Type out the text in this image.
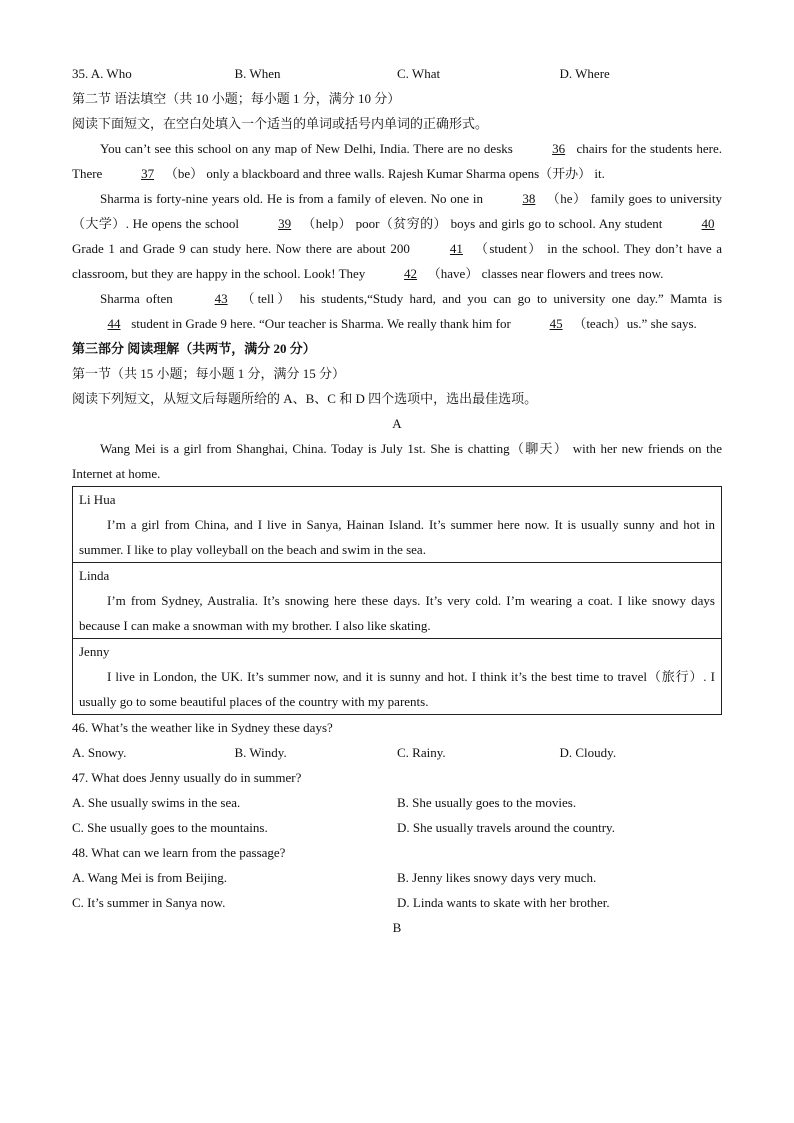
35. A. Who	B. When	C. What	D. Where
第二节 语法填空（共 10 小题；每小题 1 分，满分 10 分）
阅读下面短文，在空白处填入一个适当的单词或括号内单词的正确形式。
You can’t see this school on any map of New Delhi, India. There are no desks	36 chairs for the students here. There	37 （be） only a blackboard and three walls. Rajesh Kumar Sharma opens（开办） it.
Sharma is forty-nine years old. He is from a family of eleven. No one in	38 （he） family goes to university（大学）. He opens the school	39 （help） poor（贫穷的） boys and girls go to school. Any student	40 Grade 1 and Grade 9 can study here. Now there are about 200	41 （student） in the school. They don’t have a classroom, but they are happy in the school. Look! They	42 （have） classes near flowers and trees now.
Sharma often	43 （tell） his students,“Study hard, and you can go to university one day.” Mamta is 44 student in Grade 9 here. “Our teacher is Sharma. We really thank him for	45 （teach）us.” she says.
第三部分 阅读理解（共两节，满分 20 分）
第一节（共 15 小题；每小题 1 分，满分 15 分）
阅读下列短文，从短文后每题所给的 A、B、C 和 D 四个选项中，选出最佳选项。
A
Wang Mei is a girl from Shanghai, China. Today is July 1st. She is chatting（聊天） with her new friends on the Internet at home.
Li Hua
I’m a girl from China, and I live in Sanya, Hainan Island. It’s summer here now. It is usually sunny and hot in summer. I like to play volleyball on the beach and swim in the sea.

Linda
I’m from Sydney, Australia. It’s snowing here these days. It’s very cold. I’m wearing a coat. I like snowy days because I can make a snowman with my brother. I also like skating.

Jenny
I live in London, the UK. It’s summer now, and it is sunny and hot. I think it’s the best time to travel（旅行）. I usually go to some beautiful places of the country with my parents.
46. What’s the weather like in Sydney these days?
A. Snowy.	B. Windy.	C. Rainy.	D. Cloudy.
47. What does Jenny usually do in summer?
A. She usually swims in the sea.	B. She usually goes to the movies.
C. She usually goes to the mountains.	D. She usually travels around the country.
48. What can we learn from the passage?
A. Wang Mei is from Beijing.	B. Jenny likes snowy days very much.
C. It’s summer in Sanya now.	D. Linda wants to skate with her brother.
B
